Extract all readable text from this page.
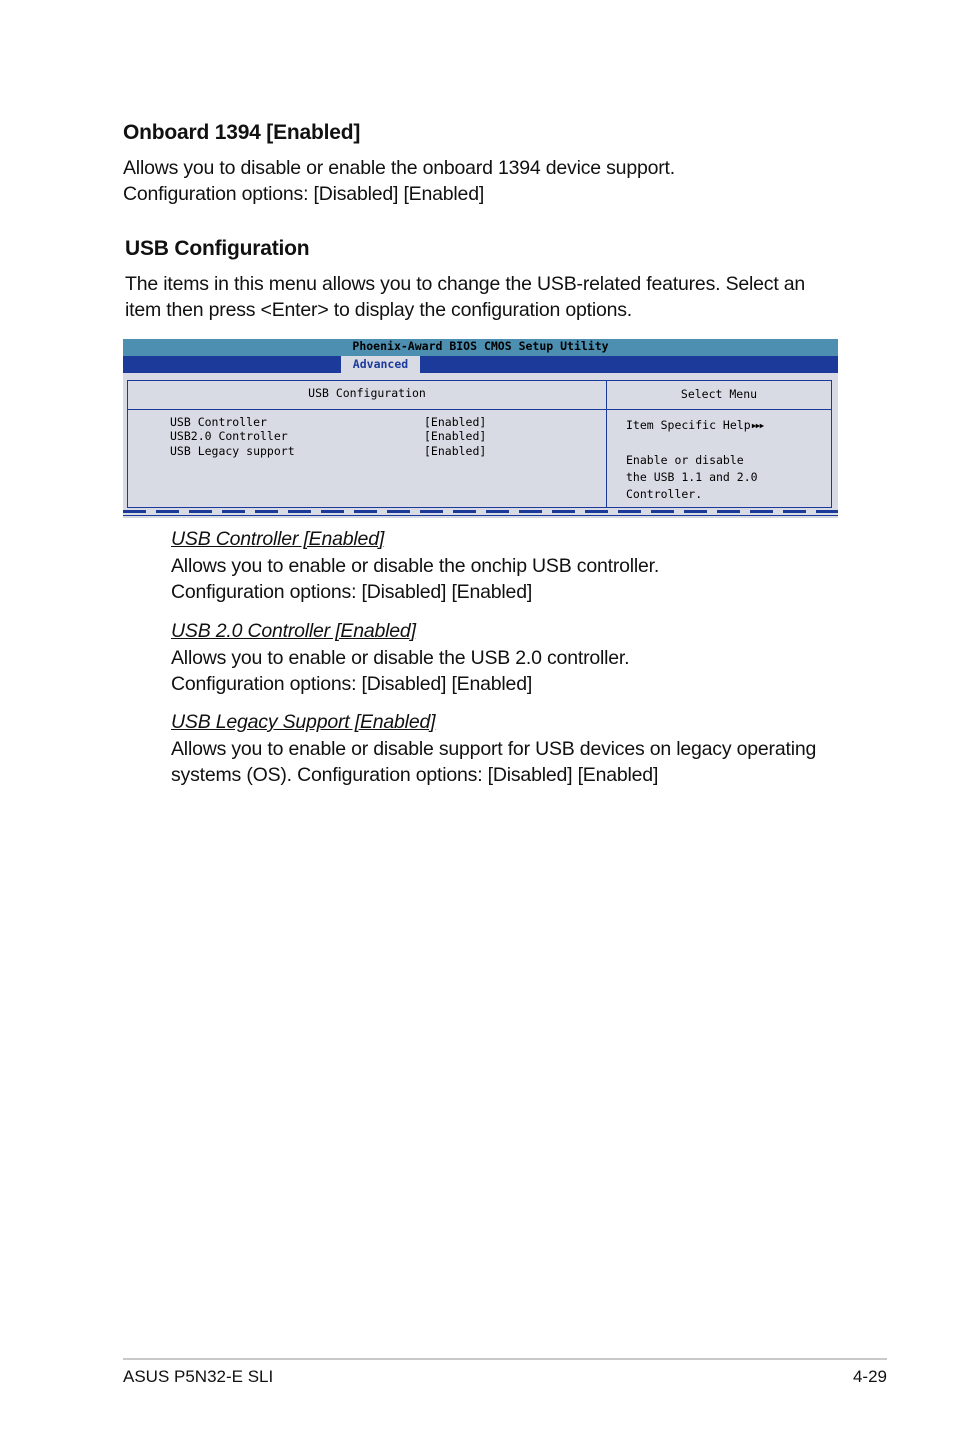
Onboard 1394 [Enabled]

Allows you to disable or enable the onboard 1394 device support.
Configuration options: [Disabled] [Enabled]

USB Configuration

The items in this menu allows you to change the USB-related features. Select an
item then press <Enter> to display the configuration options.

Phoenix-Award BIOS CMOS Setup Utility
Advanced
USB Configuration	Select Menu
USB Controller	[Enabled]
USB2.0 Controller	[Enabled]
USB Legacy support	[Enabled]
Item Specific Help▸▸▸
Enable or disable
the USB 1.1 and 2.0
Controller.

USB Controller [Enabled]

Allows you to enable or disable the onchip USB controller.
Configuration options: [Disabled] [Enabled]

USB 2.0 Controller [Enabled]

Allows you to enable or disable the USB 2.0 controller.
Configuration options: [Disabled] [Enabled]

USB Legacy Support [Enabled]

Allows you to enable or disable support for USB devices on legacy operating
systems (OS). Configuration options: [Disabled] [Enabled]

ASUS P5N32-E SLI	4-29
